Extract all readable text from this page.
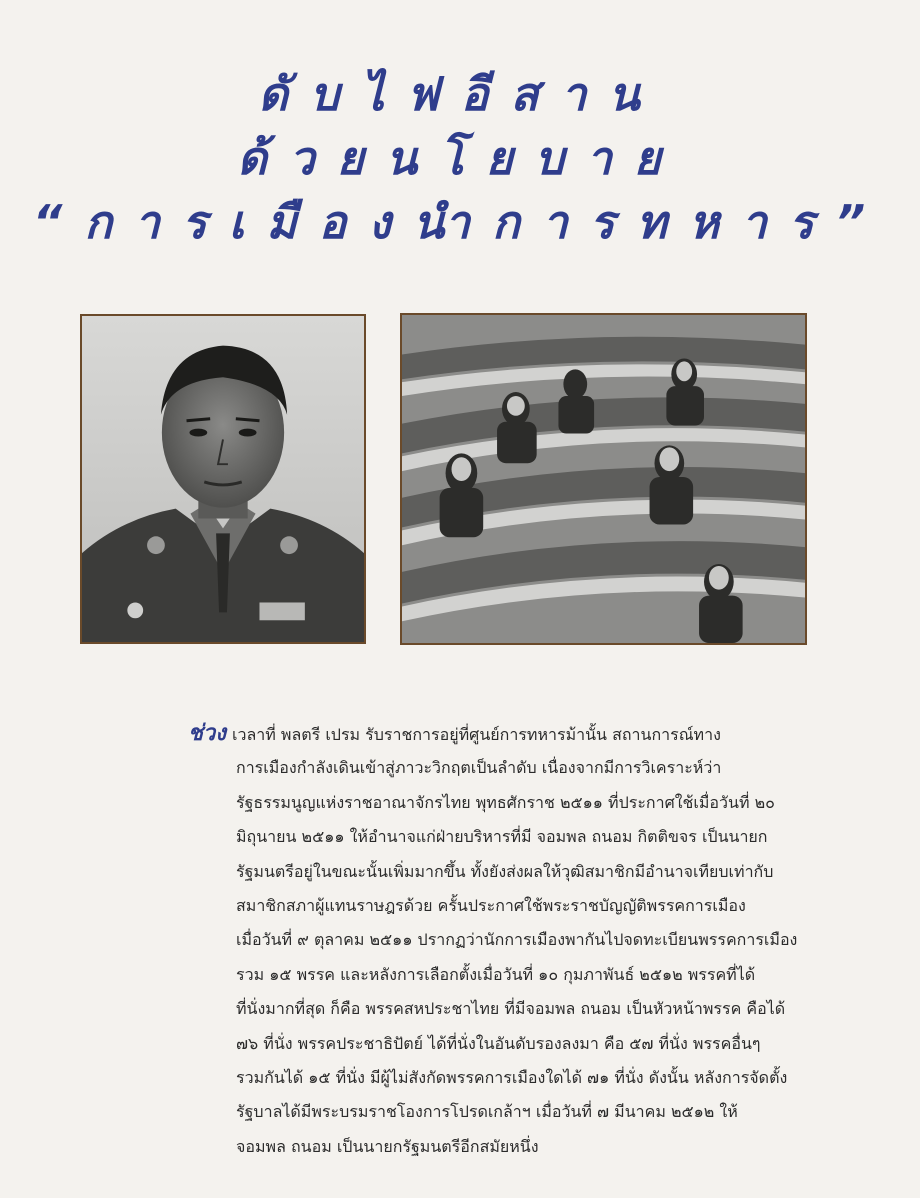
ดับไฟอีสาน
ด้วยนโยบาย
“การเมืองนำการทหาร”
ช่วง เวลาที่ พลตรี เปรม รับราชการอยู่ที่ศูนย์การทหารม้านั้น สถานการณ์ทาง
การเมืองกำลังเดินเข้าสู่ภาวะวิกฤตเป็นลำดับ เนื่องจากมีการวิเคราะห์ว่า
รัฐธรรมนูญแห่งราชอาณาจักรไทย พุทธศักราช ๒๕๑๑ ที่ประกาศใช้เมื่อวันที่ ๒๐
มิถุนายน ๒๕๑๑ ให้อำนาจแก่ฝ่ายบริหารที่มี จอมพล ถนอม กิตติขจร เป็นนายก
รัฐมนตรีอยู่ในขณะนั้นเพิ่มมากขึ้น ทั้งยังส่งผลให้วุฒิสมาชิกมีอำนาจเทียบเท่ากับ
สมาชิกสภาผู้แทนราษฎรด้วย ครั้นประกาศใช้พระราชบัญญัติพรรคการเมือง
เมื่อวันที่ ๙ ตุลาคม ๒๕๑๑ ปรากฏว่านักการเมืองพากันไปจดทะเบียนพรรคการเมือง
รวม ๑๕ พรรค และหลังการเลือกตั้งเมื่อวันที่ ๑๐ กุมภาพันธ์ ๒๕๑๒ พรรคที่ได้
ที่นั่งมากที่สุด ก็คือ พรรคสหประชาไทย ที่มีจอมพล ถนอม เป็นหัวหน้าพรรค คือได้
๗๖ ที่นั่ง พรรคประชาธิปัตย์ ได้ที่นั่งในอันดับรองลงมา คือ ๕๗ ที่นั่ง พรรคอื่นๆ
รวมกันได้ ๑๕ ที่นั่ง มีผู้ไม่สังกัดพรรคการเมืองใดได้ ๗๑ ที่นั่ง ดังนั้น หลังการจัดตั้ง
รัฐบาลได้มีพระบรมราชโองการโปรดเกล้าฯ เมื่อวันที่ ๗ มีนาคม ๒๕๑๒ ให้
จอมพล ถนอม เป็นนายกรัฐมนตรีอีกสมัยหนึ่ง
